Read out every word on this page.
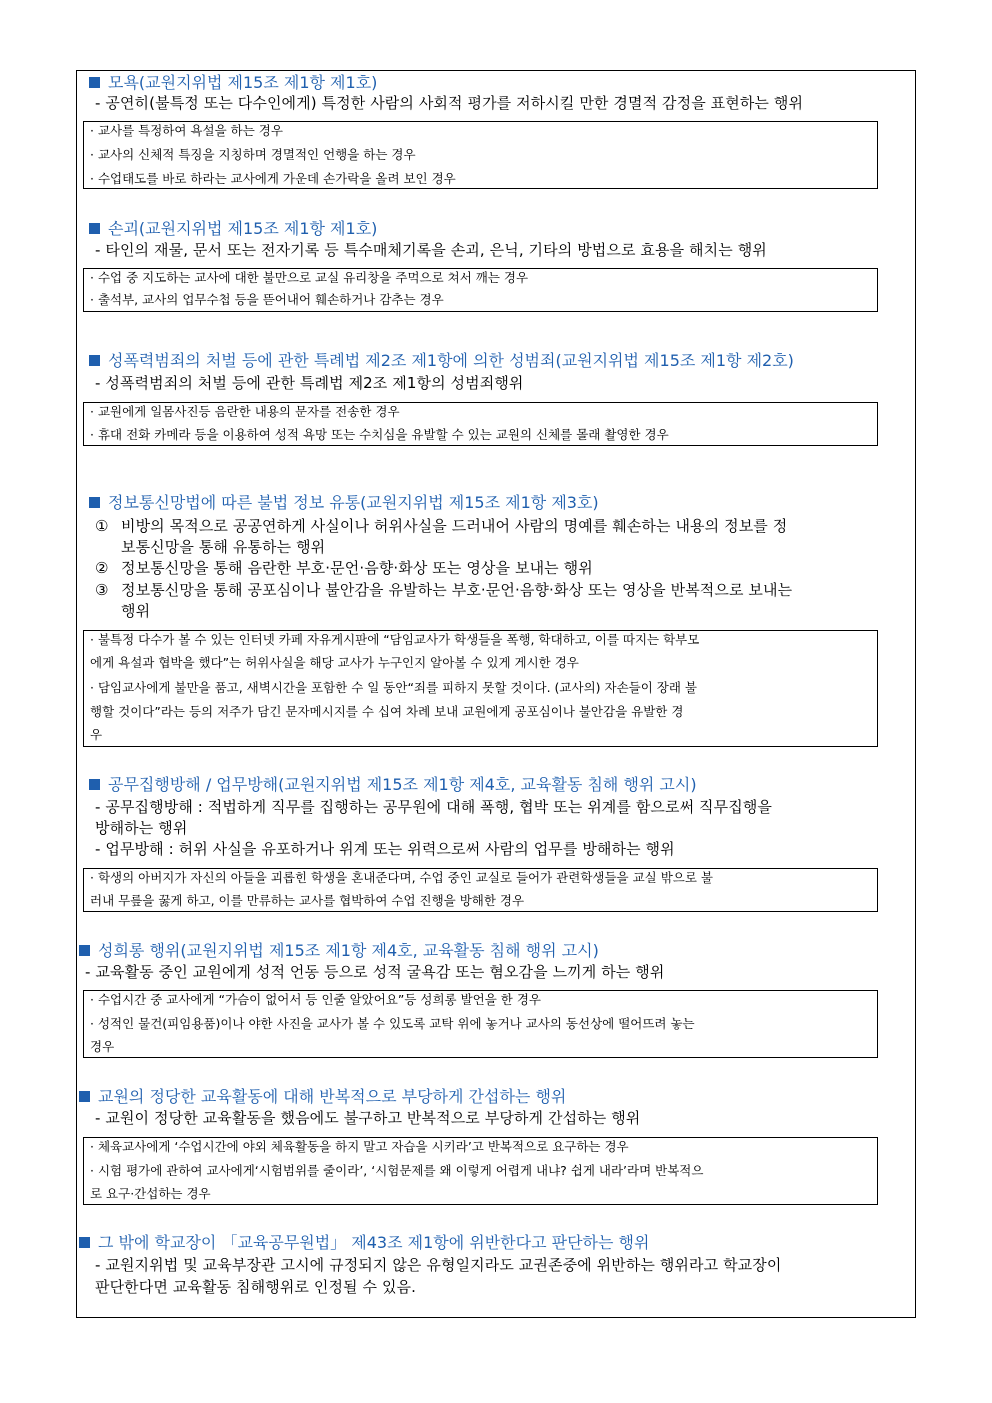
모욕(교원지위법 제15조 제1항 제1호)
- 공연히(불특정 또는 다수인에게) 특정한 사람의 사회적 평가를 저하시킬 만한 경멸적 감정을 표현하는 행위
· 교사를 특정하여 욕설을 하는 경우
· 교사의 신체적 특징을 지칭하며 경멸적인 언행을 하는 경우
· 수업태도를 바로 하라는 교사에게 가운데 손가락을 올려 보인 경우
손괴(교원지위법 제15조 제1항 제1호)
- 타인의 재물, 문서 또는 전자기록 등 특수매체기록을 손괴, 은닉, 기타의 방법으로 효용을 해치는 행위
· 수업 중 지도하는 교사에 대한 불만으로 교실 유리창을 주먹으로 쳐서 깨는 경우
· 출석부, 교사의 업무수첩 등을 뜯어내어 훼손하거나 감추는 경우
성폭력범죄의 처벌 등에 관한 특례법 제2조 제1항에 의한 성범죄(교원지위법 제15조 제1항 제2호)
- 성폭력범죄의 처벌 등에 관한 특례법 제2조 제1항의 성범죄행위
· 교원에게 일몸사진등 음란한 내용의 문자를 전송한 경우
· 휴대 전화 카메라 등을 이용하여 성적 욕망 또는 수치심을 유발할 수 있는 교원의 신체를 몰래 촬영한 경우
정보통신망법에 따른 불법 정보 유통(교원지위법 제15조 제1항 제3호)
① 비방의 목적으로 공공연하게 사실이나 허위사실을 드러내어 사람의 명예를 훼손하는 내용의 정보를 정
보통신망을 통해 유통하는 행위
② 정보통신망을 통해 음란한 부호·문언·음향·화상 또는 영상을 보내는 행위
③ 정보통신망을 통해 공포심이나 불안감을 유발하는 부호·문언·음향·화상 또는 영상을 반복적으로 보내는
행위
· 불특정 다수가 볼 수 있는 인터넷 카페 자유게시판에 “담임교사가 학생들을 폭행, 학대하고, 이를 따지는 학부모
에게 욕설과 협박을 했다”는 허위사실을 해당 교사가 누구인지 알아볼 수 있게 게시한 경우
· 담임교사에게 불만을 품고, 새벽시간을 포함한 수 일 동안“죄를 피하지 못할 것이다. (교사의) 자손들이 장래 불
행할 것이다”라는 등의 저주가 담긴 문자메시지를 수 십여 차례 보내 교원에게 공포심이나 불안감을 유발한 경
우
공무집행방해 / 업무방해(교원지위법 제15조 제1항 제4호, 교육활동 침해 행위 고시)
- 공무집행방해 : 적법하게 직무를 집행하는 공무원에 대해 폭행, 협박 또는 위계를 함으로써 직무집행을
방해하는 행위
- 업무방해 : 허위 사실을 유포하거나 위계 또는 위력으로써 사람의 업무를 방해하는 행위
· 학생의 아버지가 자신의 아들을 괴롭힌 학생을 혼내준다며, 수업 중인 교실로 들어가 관련학생들을 교실 밖으로 불
러내 무릎을 꿇게 하고, 이를 만류하는 교사를 협박하여 수업 진행을 방해한 경우
성희롱 행위(교원지위법 제15조 제1항 제4호, 교육활동 침해 행위 고시)
- 교육활동 중인 교원에게 성적 언동 등으로 성적 굴욕감 또는 혐오감을 느끼게 하는 행위
· 수업시간 중 교사에게 “가슴이 없어서 등 인줄 알았어요”등 성희롱 발언을 한 경우
· 성적인 물건(피임용품)이나 야한 사진을 교사가 볼 수 있도록 교탁 위에 놓거나 교사의 동선상에 떨어뜨려 놓는
경우
교원의 정당한 교육활동에 대해 반복적으로 부당하게 간섭하는 행위
- 교원이 정당한 교육활동을 했음에도 불구하고 반복적으로 부당하게 간섭하는 행위
· 체육교사에게 ‘수업시간에 야외 체육활동을 하지 말고 자습을 시키라’고 반복적으로 요구하는 경우
· 시험 평가에 관하여 교사에게‘시험범위를 줄이라’, ‘시험문제를 왜 이렇게 어렵게 내냐? 쉽게 내라’라며 반복적으
로 요구·간섭하는 경우
그 밖에 학교장이 「교육공무원법」 제43조 제1항에 위반한다고 판단하는 행위
- 교원지위법 및 교육부장관 고시에 규정되지 않은 유형일지라도 교권존중에 위반하는 행위라고 학교장이
판단한다면 교육활동 침해행위로 인정될 수 있음.
